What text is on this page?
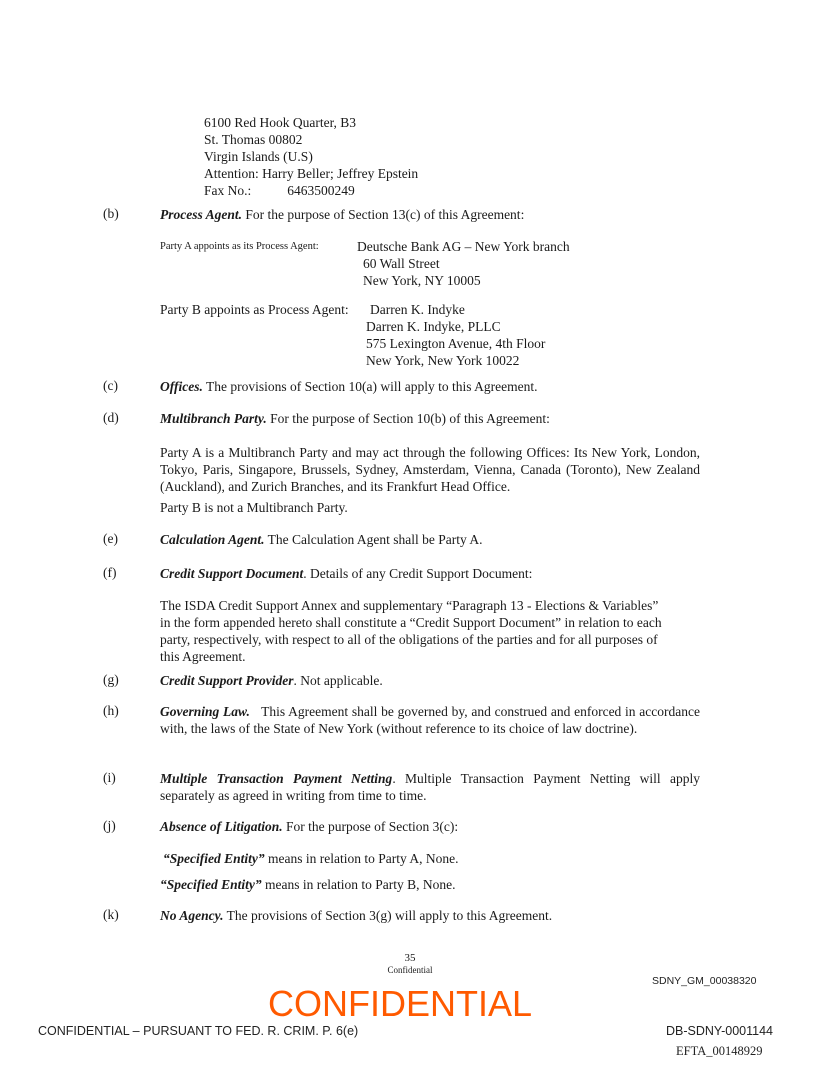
6100 Red Hook Quarter, B3
St. Thomas 00802
Virgin Islands (U.S)
Attention: Harry Beller; Jeffrey Epstein
Fax No.:	6463500249
(b)	Process Agent. For the purpose of Section 13(c) of this Agreement:
Party A appoints as its Process Agent:	Deutsche Bank AG – New York branch
60 Wall Street
New York, NY 10005
Party B appoints as Process Agent: Darren K. Indyke
Darren K. Indyke, PLLC
575 Lexington Avenue, 4th Floor
New York, New York 10022
(c)	Offices. The provisions of Section 10(a) will apply to this Agreement.
(d)	Multibranch Party. For the purpose of Section 10(b) of this Agreement:
Party A is a Multibranch Party and may act through the following Offices: Its New York, London, Tokyo, Paris, Singapore, Brussels, Sydney, Amsterdam, Vienna, Canada (Toronto), New Zealand (Auckland), and Zurich Branches, and its Frankfurt Head Office.
Party B is not a Multibranch Party.
(e)	Calculation Agent. The Calculation Agent shall be Party A.
(f)	Credit Support Document. Details of any Credit Support Document:
The ISDA Credit Support Annex and supplementary “Paragraph 13 - Elections & Variables”
in the form appended hereto shall constitute a “Credit Support Document” in relation to each
party, respectively, with respect to all of the obligations of the parties and for all purposes of
this Agreement.
(g)	Credit Support Provider. Not applicable.
(h)	Governing Law. This Agreement shall be governed by, and construed and enforced in accordance with, the laws of the State of New York (without reference to its choice of law doctrine).
(i)	Multiple Transaction Payment Netting. Multiple Transaction Payment Netting will apply separately as agreed in writing from time to time.
(j)	Absence of Litigation. For the purpose of Section 3(c):
“Specified Entity” means in relation to Party A, None.
“Specified Entity” means in relation to Party B, None.
(k)	No Agency. The provisions of Section 3(g) will apply to this Agreement.
35
Confidential
SDNY_GM_00038320
CONFIDENTIAL
CONFIDENTIAL – PURSUANT TO FED. R. CRIM. P. 6(e)	DB-SDNY-0001144
EFTA_00148929
